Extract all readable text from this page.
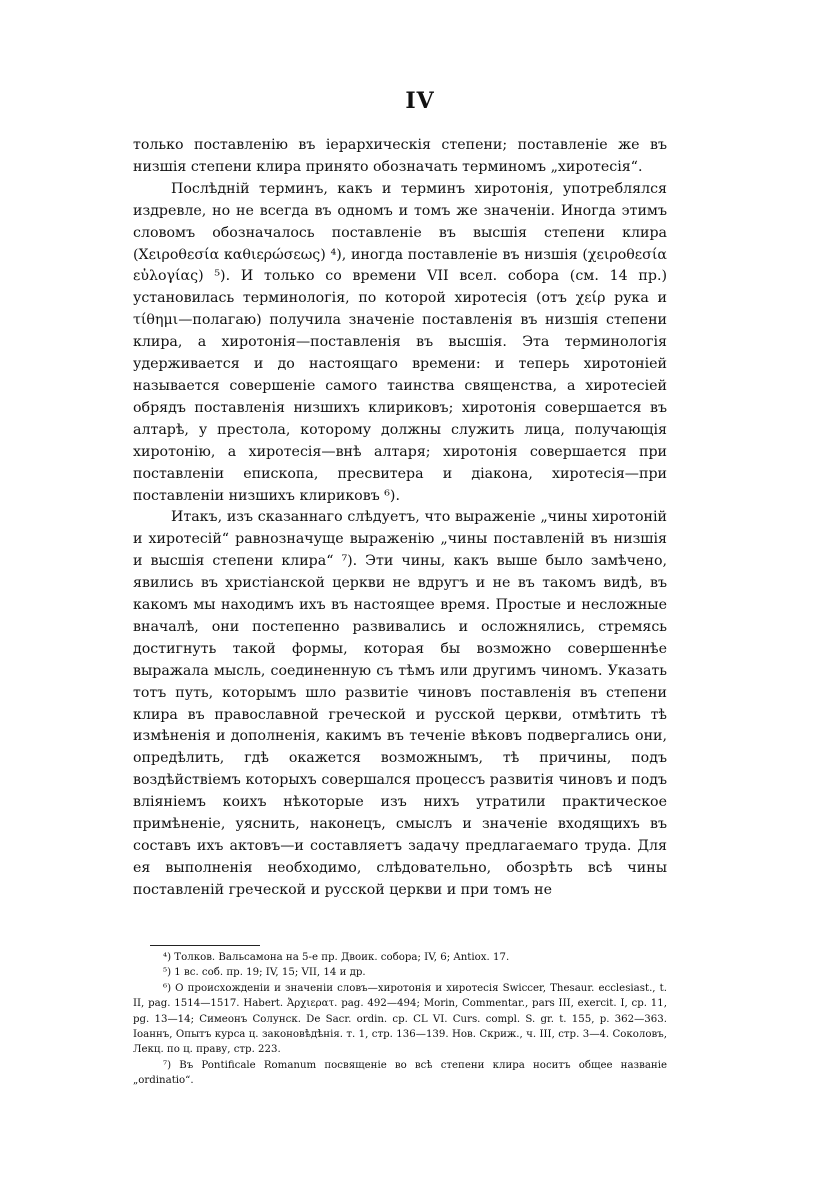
IV

только поставленію въ іерархическія степени; поставленіе же въ низшія степени клира принято обозначать терминомъ „хиротесія“.

Послѣдній терминъ, какъ и терминъ хиротонія, употреблялся издревле, но не всегда въ одномъ и томъ же значеніи. Иногда этимъ словомъ обозначалось поставленіе въ высшія степени клира (Χειροθεσία καθιερώσεως) ⁴), иногда поставленіе въ низшія (χειροθεσία εὐλογίας) ⁵). И только со времени VII всел. собора (см. 14 пр.) установилась терминологія, по которой хиротесія (отъ χείρ рука и τίθημι—полагаю) получила значеніе поставленія въ низшія степени клира, а хиротонія—поставленія въ высшія. Эта терминологія удерживается и до настоящаго времени: и теперь хиротоніей называется совершеніе самого таинства священства, а хиротесіей обрядъ поставленія низшихъ клириковъ; хиротонія совершается въ алтарѣ, у престола, которому должны служить лица, получающія хиротонію, а хиротесія—внѣ алтаря; хиротонія совершается при поставленіи епископа, пресвитера и діакона, хиротесія—при поставленіи низшихъ клириковъ ⁶).

Итакъ, изъ сказаннаго слѣдуетъ, что выраженіе „чины хиротоній и хиротесій“ равнозначуще выраженію „чины поставленій въ низшія и высшія степени клира“ ⁷). Эти чины, какъ выше было замѣчено, явились въ христіанской церкви не вдругъ и не въ такомъ видѣ, въ какомъ мы находимъ ихъ въ настоящее время. Простые и несложные вначалѣ, они постепенно развивались и осложнялись, стремясь достигнуть такой формы, которая бы возможно совершеннѣе выражала мысль, соединенную съ тѣмъ или другимъ чиномъ. Указать тотъ путь, которымъ шло развитіе чиновъ поставленія въ степени клира въ православной греческой и русской церкви, отмѣтить тѣ измѣненія и дополненія, какимъ въ теченіе вѣковъ подвергались они, опредѣлить, гдѣ окажется возможнымъ, тѣ причины, подъ воздѣйствіемъ которыхъ совершался процессъ развитія чиновъ и подъ вліяніемъ коихъ нѣкоторые изъ нихъ утратили практическое примѣненіе, уяснить, наконецъ, смыслъ и значеніе входящихъ въ составъ ихъ актовъ—и составляетъ задачу предлагаемаго труда. Для ея выполненія необходимо, слѣдовательно, обозрѣть всѣ чины поставленій греческой и русской церкви и при томъ не

⁴) Толков. Вальсамона на 5-е пр. Двоик. собора; IV, 6; Antiox. 17.

⁵) 1 вс. соб. пр. 19; IV, 15; VII, 14 и др.

⁶) О происхожденіи и значеніи словъ—хиротонія и хиротесія Swiccer, Thesaur. ecclesiast., t. II, pag. 1514—1517. Habert. Ἀρχιερατ. pag. 492—494; Morin, Commentar., pars III, exercit. I, cp. 11, pg. 13—14; Симеонъ Солунск. De Sacr. ordin. ср. CL VI. Curs. compl. S. gr. t. 155, p. 362—363. Іоаннъ, Опытъ курса ц. законовѣдѣнія. т. 1, стр. 136—139. Нов. Скриж., ч. III, стр. 3—4. Соколовъ, Лекц. по ц. праву, стр. 223.

⁷) Въ Pontificale Romanum посвященіе во всѣ степени клира носитъ общее названіе „ordinatio“.
